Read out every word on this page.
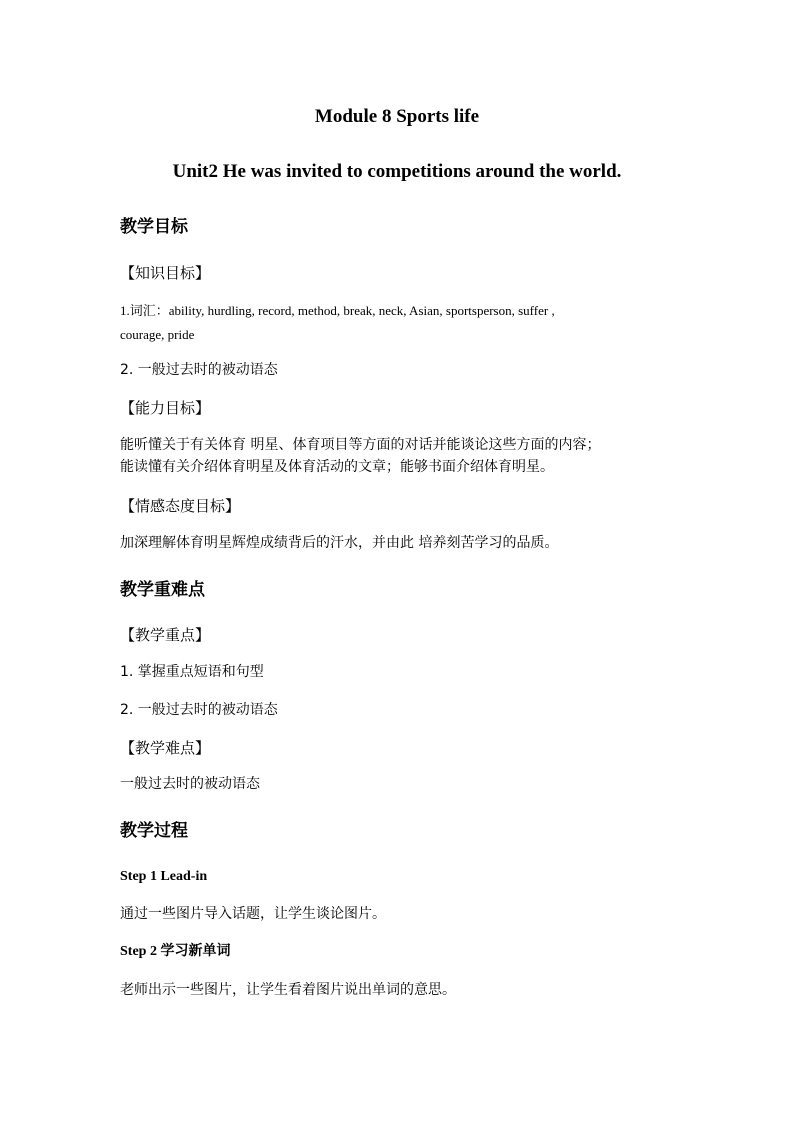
Module 8 Sports life
Unit2 He was invited to competitions around the world.
教学目标
【知识目标】
1.词汇：ability, hurdling, record, method, break, neck, Asian, sportsperson, suffer ,
courage, pride
2. 一般过去时的被动语态
【能力目标】
能听懂关于有关体育 明星、体育项目等方面的对话并能谈论这些方面的内容；
能读懂有关介绍体育明星及体育活动的文章；能够书面介绍体育明星。
【情感态度目标】
加深理解体育明星辉煌成绩背后的汗水，并由此 培养刻苦学习的品质。
教学重难点
【教学重点】
1. 掌握重点短语和句型
2. 一般过去时的被动语态
【教学难点】
一般过去时的被动语态
教学过程
Step 1 Lead-in
通过一些图片导入话题，让学生谈论图片。
Step 2 学习新单词
老师出示一些图片，让学生看着图片说出单词的意思。
